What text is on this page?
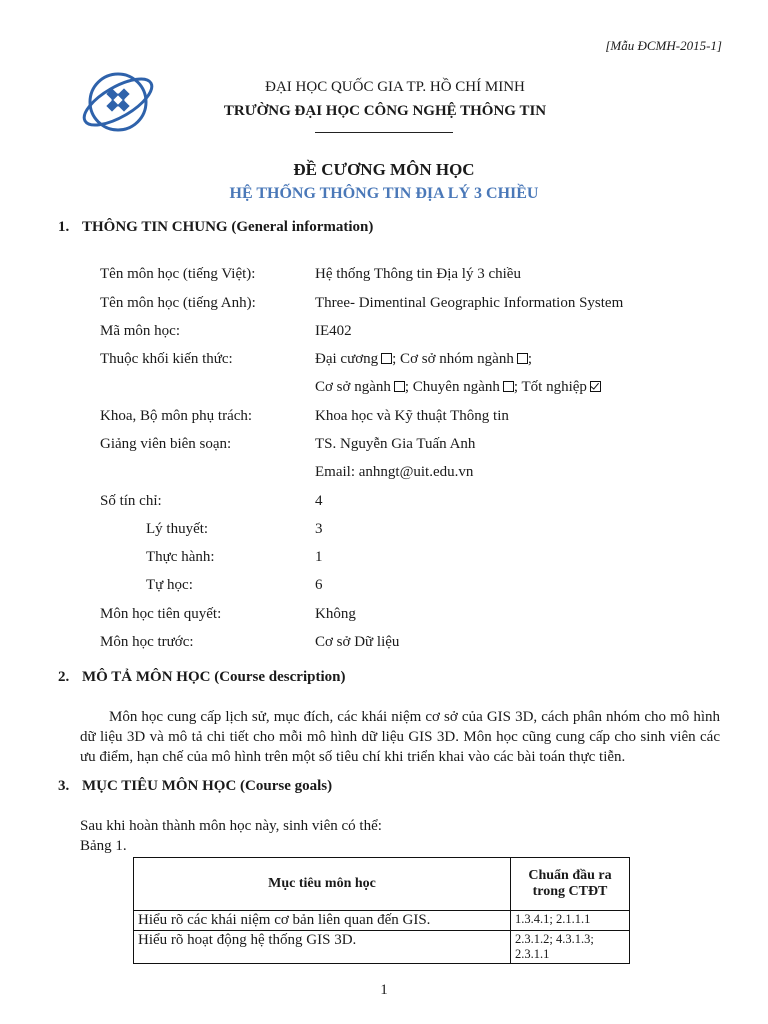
[Mẫu ĐCMH-2015-1]
ĐẠI HỌC QUỐC GIA TP. HỒ CHÍ MINH
TRƯỜNG ĐẠI HỌC CÔNG NGHỆ THÔNG TIN
ĐỀ CƯƠNG MÔN HỌC
HỆ THỐNG THÔNG TIN ĐỊA LÝ 3 CHIỀU
1. THÔNG TIN CHUNG (General information)
Tên môn học (tiếng Việt):	Hệ thống Thông tin Địa lý 3 chiều
Tên môn học (tiếng Anh):	Three- Dimentinal Geographic Information System
Mã môn học:	IE402
Thuộc khối kiến thức:	Đại cương ; Cơ sở nhóm ngành ;
Cơ sở ngành ; Chuyên ngành ; Tốt nghiệp
Khoa, Bộ môn phụ trách:	Khoa học và Kỹ thuật Thông tin
Giảng viên biên soạn:	TS. Nguyễn Gia Tuấn Anh
Email: anhngt@uit.edu.vn
Số tín chỉ:	4
Lý thuyết:	3
Thực hành:	1
Tự học:	6
Môn học tiên quyết:	Không
Môn học trước:	Cơ sở Dữ liệu
2. MÔ TẢ MÔN HỌC (Course description)
Môn học cung cấp lịch sử, mục đích, các khái niệm cơ sở của GIS 3D, cách phân nhóm cho mô hình dữ liệu 3D và mô tả chi tiết cho mỗi mô hình dữ liệu GIS 3D. Môn học cũng cung cấp cho sinh viên các ưu điểm, hạn chế của mô hình trên một số tiêu chí khi triển khai vào các bài toán thực tiễn.
3. MỤC TIÊU MÔN HỌC (Course goals)
Sau khi hoàn thành môn học này, sinh viên có thể:
Bảng 1.
Mục tiêu môn học	Chuẩn đầu ra
trong CTĐT

Hiểu rõ các khái niệm cơ bản liên quan đến GIS.	1.3.4.1; 2.1.1.1
Hiểu rõ hoạt động hệ thống GIS 3D.	2.3.1.2; 4.3.1.3; 2.3.1.1
1
